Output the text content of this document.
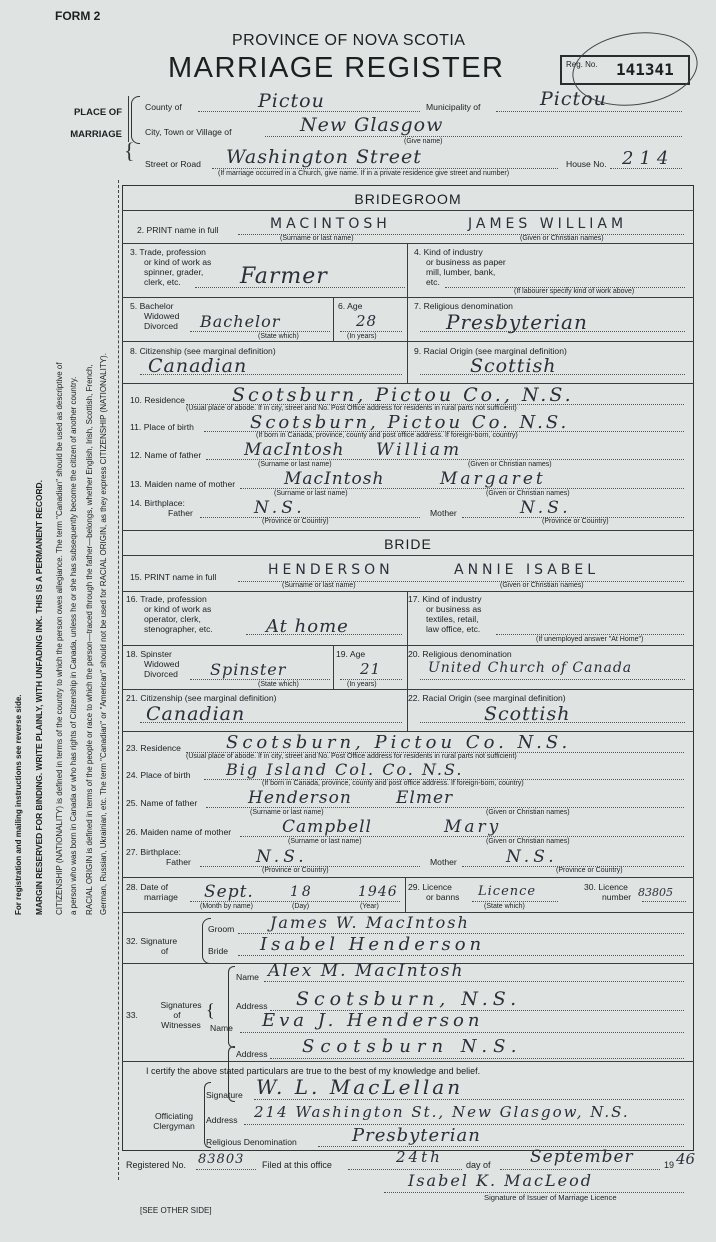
FORM 2
PROVINCE OF NOVA SCOTIA
MARRIAGE REGISTER	Reg. No. 141341
PLACE OF
MARRIAGE
{
County of	Pictou	Municipality of	Pictou
City, Town or Village of	New Glasgow
(Give name)
Street or Road Washington Street	House No. 214
(If marriage occurred in a Church, give name. If in a private residence give street and number)
For registration and mailing instructions see reverse side. MARGIN RESERVED FOR BINDING. WRITE PLAINLY, WITH UNFADING INK. THIS IS A PERMANENT RECORD. CITIZENSHIP (NATIONALITY) is defined in terms of the country to which the person owes allegiance. The term "Canadian" should be used as descriptive of a person who was born in Canada or who has rights of Citizenship in Canada, unless he or she has subsequently become the citizen of another country. RACIAL ORIGIN is defined in terms of the people or race to which the person—traced through the father—belongs, whether English, Irish, Scottish, French, German, Russian, Ukrainian, etc. The term "Canadian" or "American" should not be used for RACIAL ORIGIN, as they express CITIZENSHIP (NATIONALITY).
BRIDEGROOM
2. PRINT name in full	MACINTOSH	JAMES WILLIAM
(Surname or last name)	(Given or Christian names)
3. Trade, profession
or kind of work as
spinner, grader,
clerk, etc.	Farmer
4. Kind of industry
or business as paper
mill, lumber, bank,
etc.
(If labourer specify kind of work above)
5. Bachelor
Widowed
Divorced Bachelor
(State which)
6. Age
28
(In years)
7. Religious denomination
Presbyterian
8. Citizenship (see marginal definition)
Canadian
9. Racial Origin (see marginal definition)
Scottish
10. Residence Scotsburn, Pictou Co., N.S.
(Usual place of abode. If in city, street and No. Post Office address for residents in rural parts not sufficient)
11. Place of birth	Scotsburn, Pictou Co. N.S.
(If born in Canada, province, county and post office address. If foreign-born, country)
12. Name of father	MacIntosh William
(Surname or last name)	(Given or Christian names)
13. Maiden name of mother	MacIntosh	Margaret
(Surname or last name)	(Given or Christian names)
14. Birthplace:
Father	N.S.
(Province or Country)
Mother	N.S.
(Province or Country)
BRIDE
15. PRINT name in full	HENDERSON	ANNIE ISABEL
(Surname or last name)	(Given or Christian names)
16. Trade, profession
or kind of work as
operator, clerk,
stenographer, etc.	At home
17. Kind of industry
or business as
textiles, retail,
law office, etc.
(If unemployed answer "At Home")
18. Spinster
Widowed
Divorced Spinster
(State which)
19. Age
21
(In years)
20. Religious denomination
United Church of Canada
21. Citizenship (see marginal definition)
Canadian
22. Racial Origin (see marginal definition)
Scottish
23. Residence	Scotsburn, Pictou Co. N.S.
(Usual place of abode. If in city, street and No. Post Office address for residents in rural parts not sufficient)
24. Place of birth Big Island Col. Co. N.S.
(If born in Canada, province, county and post office address. If foreign-born, country)
25. Name of father	Henderson	Elmer
(Surname or last name)	(Given or Christian names)
26. Maiden name of mother	Campbell	Mary
(Surname or last name)	(Given or Christian names)
27. Birthplace:
Father	N.S.
(Province or Country)
Mother	N.S.
(Province or Country)
28. Date of
marriage Sept.	18	1946
(Month by name)	(Day)	(Year)
29. Licence
or banns Licence
(State which)
30. Licence
number 83805
32. Signature
of
Groom James W. MacIntosh
Bride Isabel Henderson
Signatures
33.	of
Witnesses
{
Name Alex M. MacIntosh
Address Scotsburn, N.S.
Name Eva J. Henderson
Address Scotsburn N.S.
I certify the above stated particulars are true to the best of my knowledge and belief.
Officiating
Clergyman
Signature W. L. MacLellan
Address 214 Washington St., New Glasgow, N.S.
Religious Denomination	Presbyterian
Registered No. 83803 Filed at this office	24th	day of September	19 46
Isabel K. MacLeod
Signature of Issuer of Marriage Licence
[SEE OTHER SIDE]
